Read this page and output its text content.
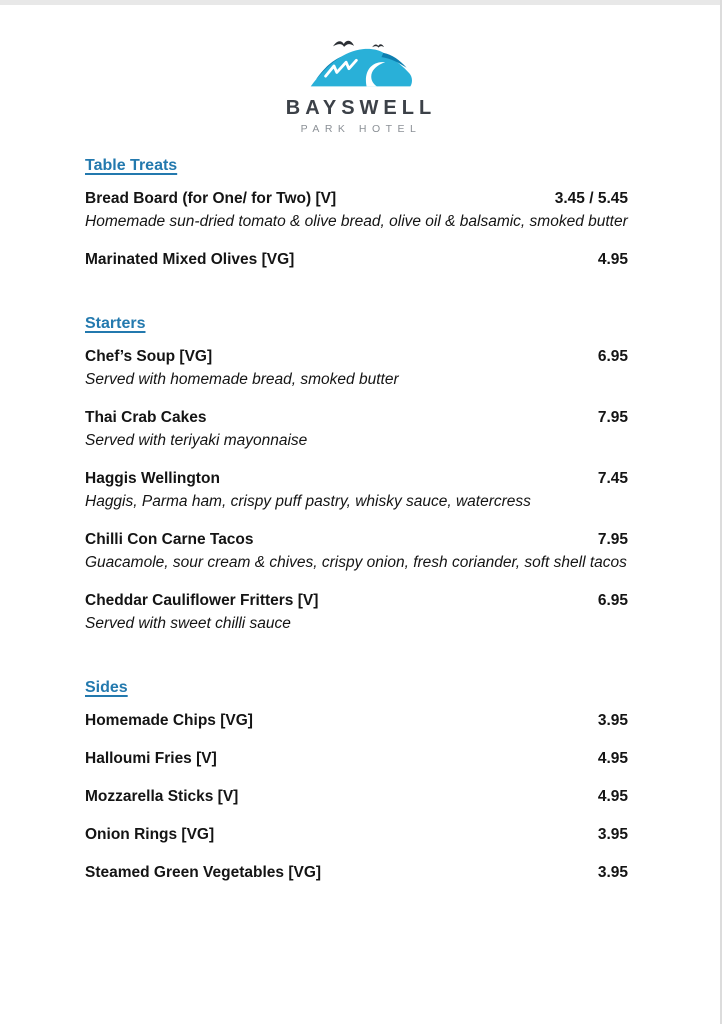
BAYSWELL
PARK HOTEL
Table Treats
Bread Board (for One/ for Two) [V]	3.45 / 5.45
Homemade sun-dried tomato & olive bread, olive oil & balsamic, smoked butter
Marinated Mixed Olives [VG]	4.95
Starters
Chef’s Soup [VG]	6.95
Served with homemade bread, smoked butter
Thai Crab Cakes	7.95
Served with teriyaki mayonnaise
Haggis Wellington	7.45
Haggis, Parma ham, crispy puff pastry, whisky sauce, watercress
Chilli Con Carne Tacos	7.95
Guacamole, sour cream & chives, crispy onion, fresh coriander, soft shell tacos
Cheddar Cauliflower Fritters [V]	6.95
Served with sweet chilli sauce
Sides
Homemade Chips [VG]	3.95
Halloumi Fries [V]	4.95
Mozzarella Sticks [V]	4.95
Onion Rings [VG]	3.95
Steamed Green Vegetables [VG]	3.95
